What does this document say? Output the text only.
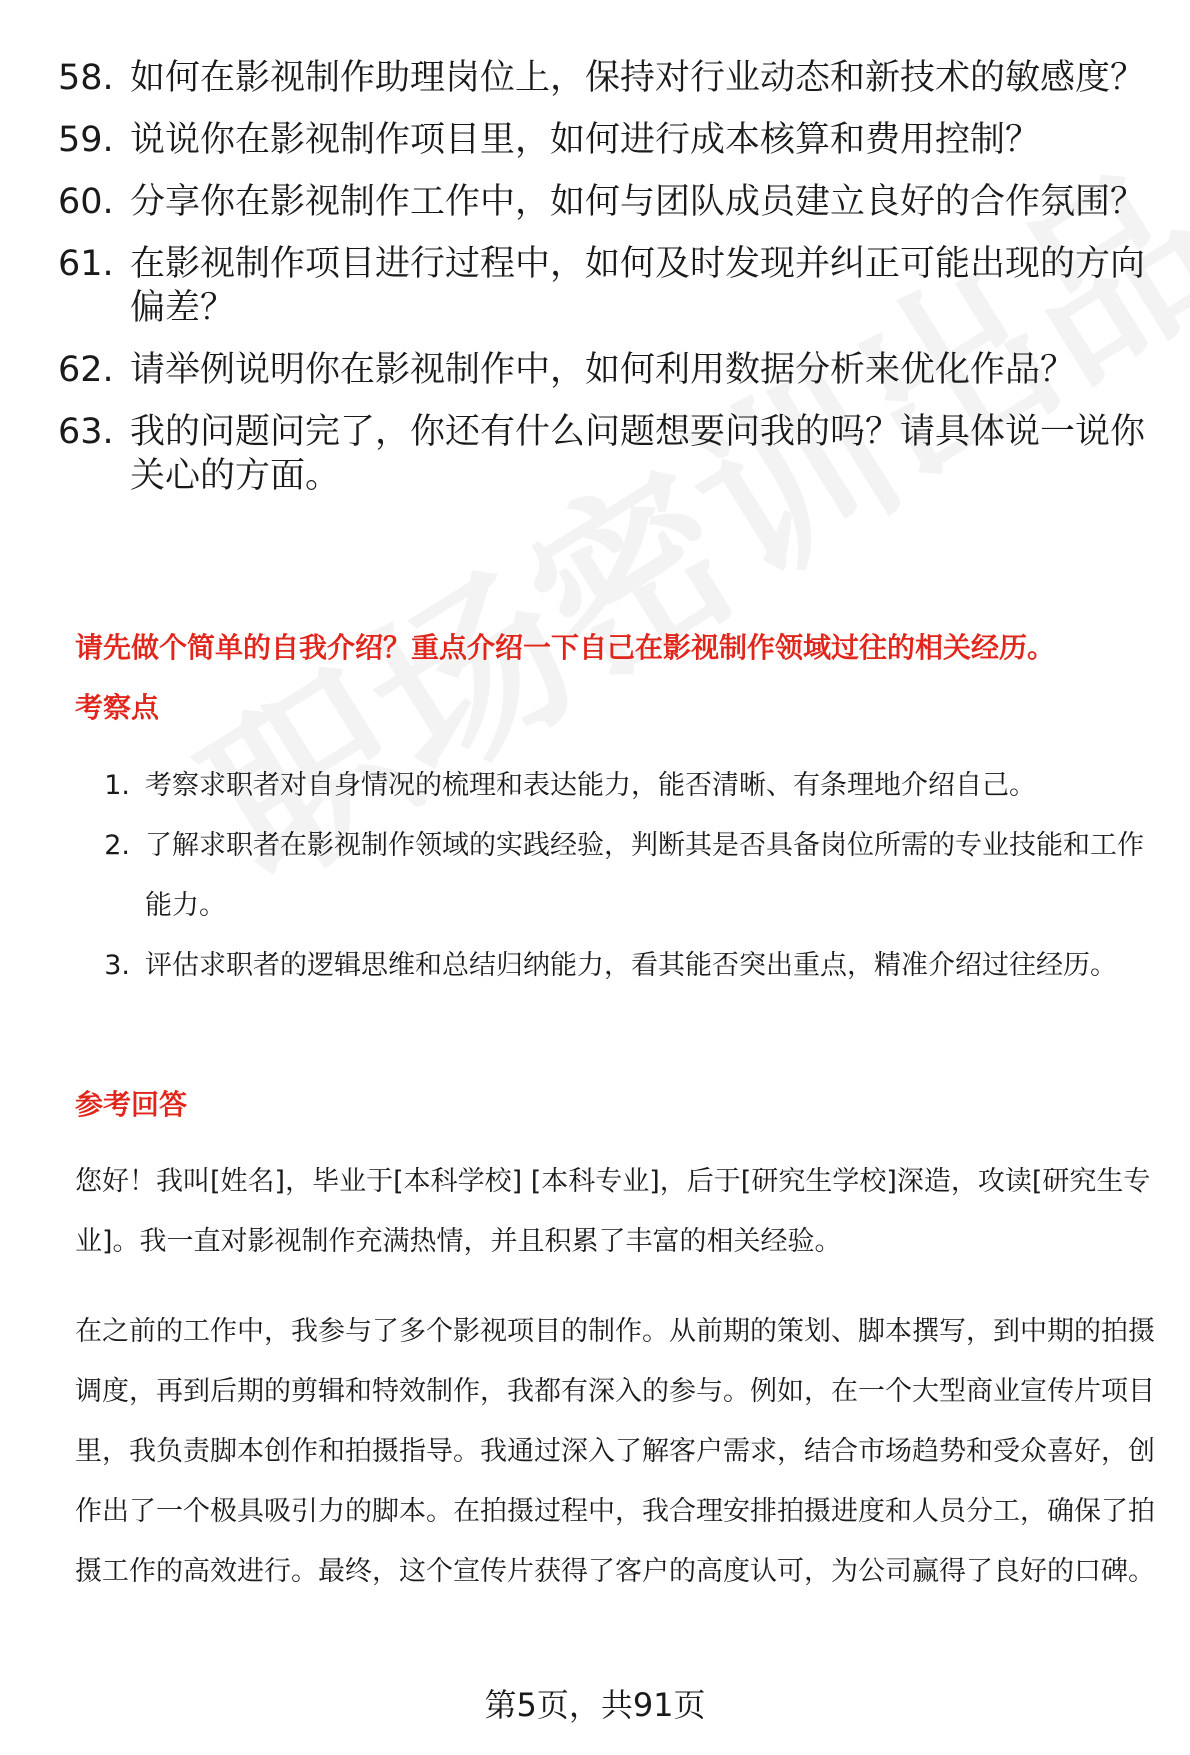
58. 如何在影视制作助理岗位上，保持对行业动态和新技术的敏感度？
59. 说说你在影视制作项目里，如何进行成本核算和费用控制？
60. 分享你在影视制作工作中，如何与团队成员建立良好的合作氛围？
61. 在影视制作项目进行过程中，如何及时发现并纠正可能出现的方向偏差？
62. 请举例说明你在影视制作中，如何利用数据分析来优化作品？
63. 我的问题问完了，你还有什么问题想要问我的吗？请具体说一说你关心的方面。
请先做个简单的自我介绍？重点介绍一下自己在影视制作领域过往的相关经历。
考察点
1. 考察求职者对自身情况的梳理和表达能力，能否清晰、有条理地介绍自己。
2. 了解求职者在影视制作领域的实践经验，判断其是否具备岗位所需的专业技能和工作能力。
3. 评估求职者的逻辑思维和总结归纳能力，看其能否突出重点，精准介绍过往经历。
参考回答
您好！我叫[姓名]，毕业于[本科学校] [本科专业]，后于[研究生学校]深造，攻读[研究生专业]。我一直对影视制作充满热情，并且积累了丰富的相关经验。
在之前的工作中，我参与了多个影视项目的制作。从前期的策划、脚本撰写，到中期的拍摄调度，再到后期的剪辑和特效制作，我都有深入的参与。例如，在一个大型商业宣传片项目里，我负责脚本创作和拍摄指导。我通过深入了解客户需求，结合市场趋势和受众喜好，创作出了一个极具吸引力的脚本。在拍摄过程中，我合理安排拍摄进度和人员分工，确保了拍摄工作的高效进行。最终，这个宣传片获得了客户的高度认可，为公司赢得了良好的口碑。
第5页，共91页
